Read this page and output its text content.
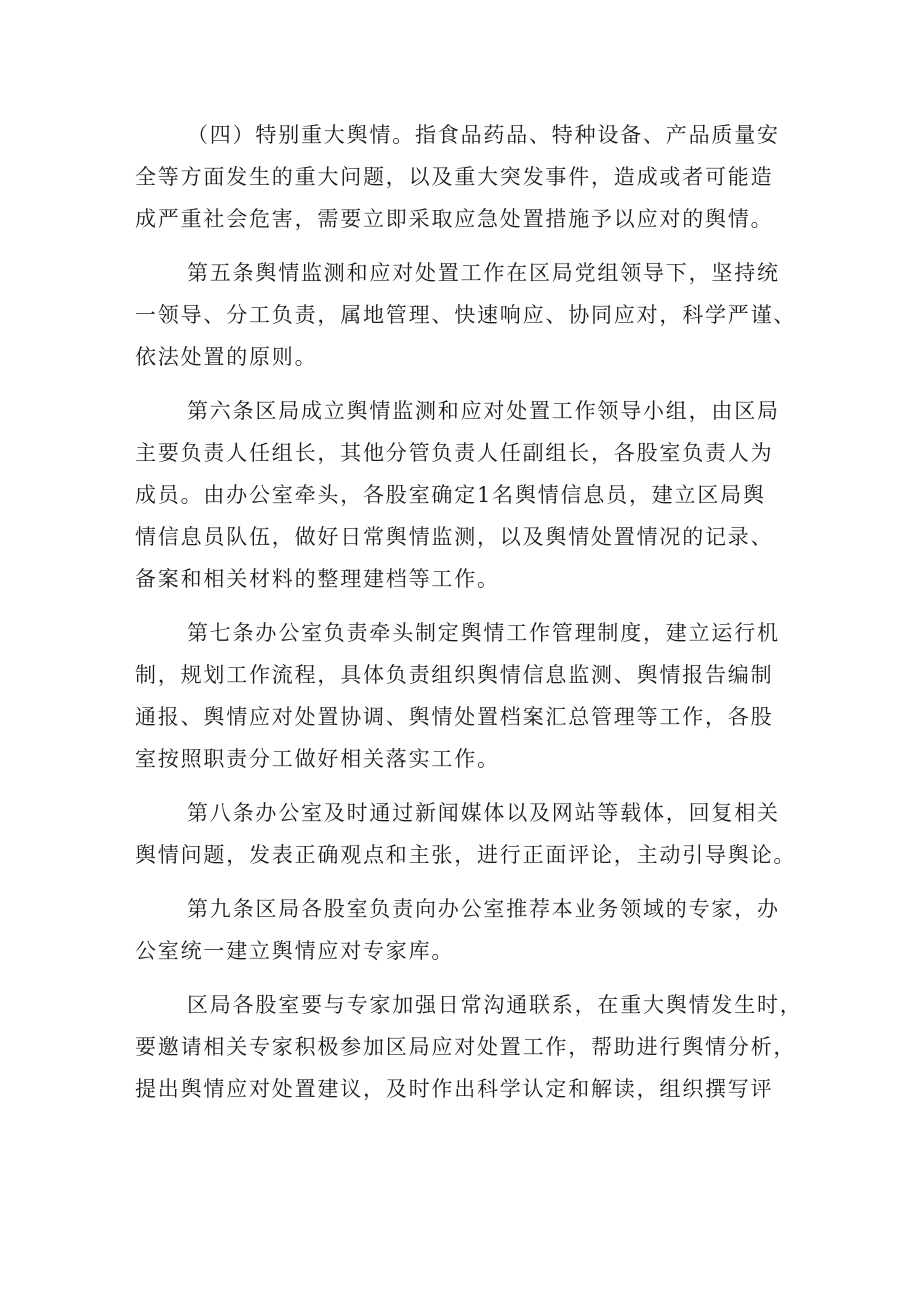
（四）特别重大舆情。指食品药品、特种设备、产品质量安
全等方面发生的重大问题，以及重大突发事件，造成或者可能造
成严重社会危害，需要立即采取应急处置措施予以应对的舆情。

第五条舆情监测和应对处置工作在区局党组领导下，坚持统
一领导、分工负责，属地管理、快速响应、协同应对，科学严谨、
依法处置的原则。

第六条区局成立舆情监测和应对处置工作领导小组，由区局
主要负责人任组长，其他分管负责人任副组长，各股室负责人为
成员。由办公室牵头，各股室确定1名舆情信息员，建立区局舆
情信息员队伍，做好日常舆情监测，以及舆情处置情况的记录、
备案和相关材料的整理建档等工作。

第七条办公室负责牵头制定舆情工作管理制度，建立运行机
制，规划工作流程，具体负责组织舆情信息监测、舆情报告编制
通报、舆情应对处置协调、舆情处置档案汇总管理等工作，各股
室按照职责分工做好相关落实工作。

第八条办公室及时通过新闻媒体以及网站等载体，回复相关
舆情问题，发表正确观点和主张，进行正面评论，主动引导舆论。

第九条区局各股室负责向办公室推荐本业务领域的专家，办
公室统一建立舆情应对专家库。

区局各股室要与专家加强日常沟通联系，在重大舆情发生时，
要邀请相关专家积极参加区局应对处置工作，帮助进行舆情分析，
提出舆情应对处置建议，及时作出科学认定和解读，组织撰写评
